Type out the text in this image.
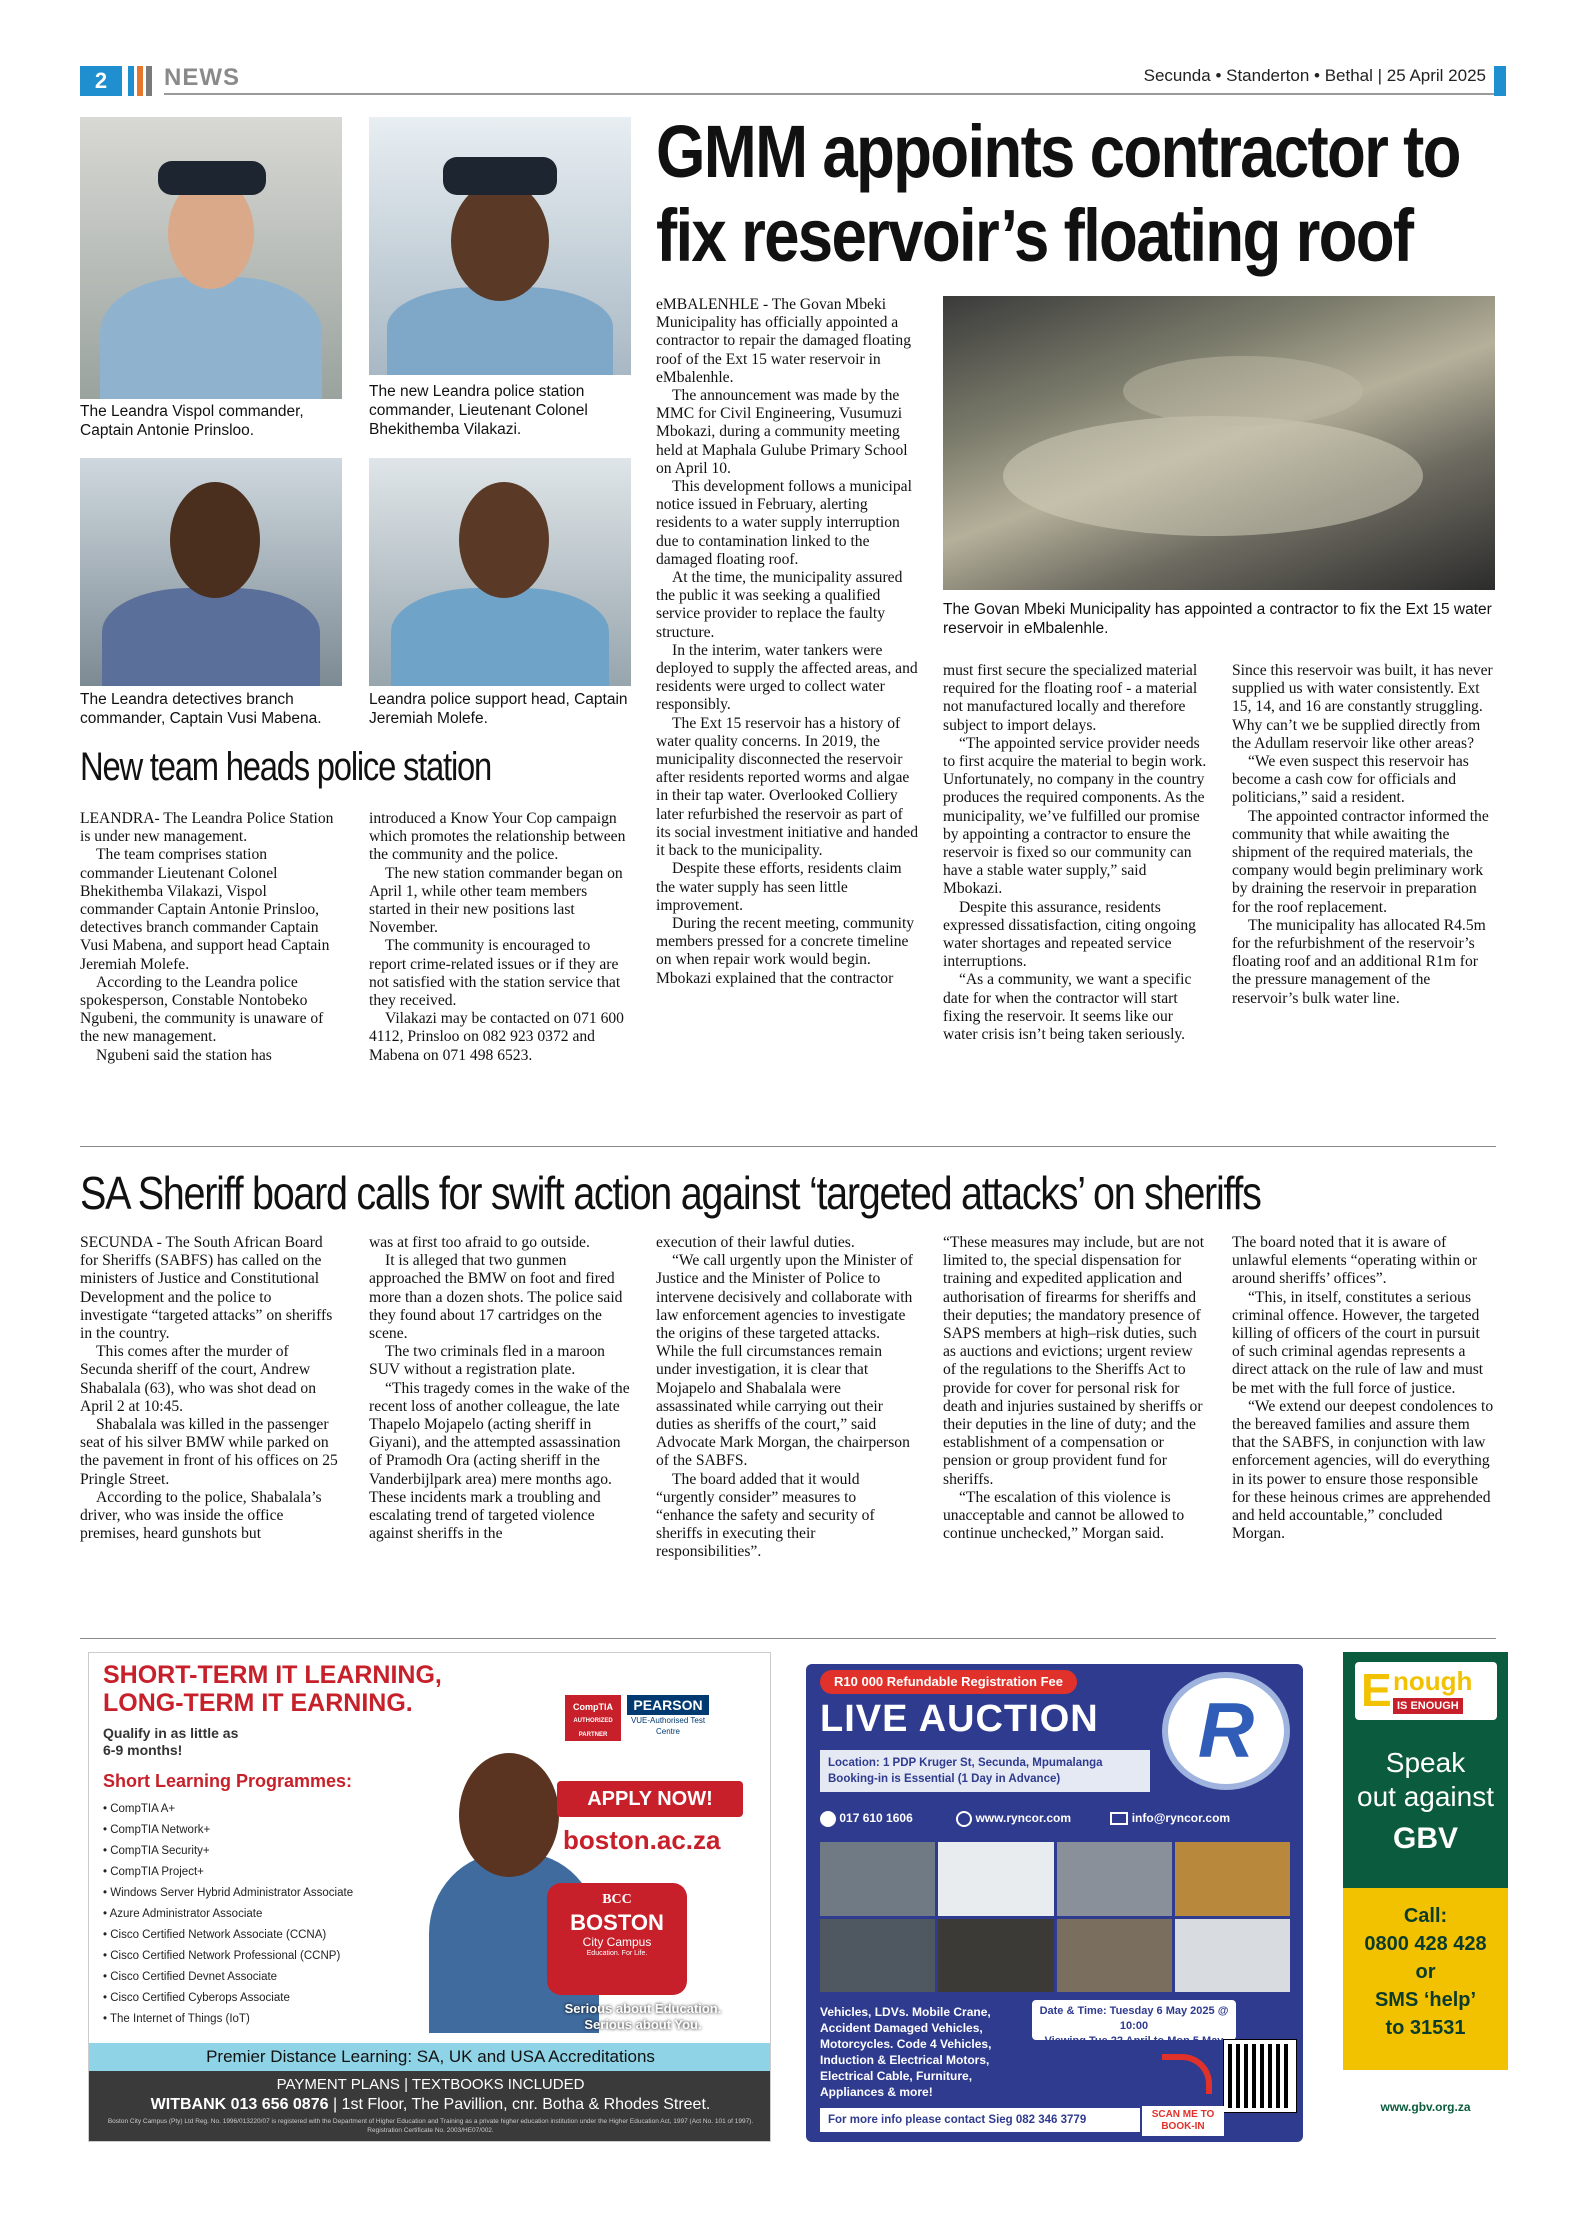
2	NEWS	Secunda • Standerton • Bethal | 25 April 2025
The Leandra Vispol commander, Captain Antonie Prinsloo.
The new Leandra police station commander, Lieutenant Colonel Bhekithemba Vilakazi.
The Leandra detectives branch commander, Captain Vusi Mabena.
Leandra police support head, Captain Jeremiah Molefe.
GMM appoints contractor to
fix reservoir’s floating roof

eMBALENHLE - The Govan Mbeki Municipality has officially appointed a contractor to repair the damaged floating roof of the Ext 15 water reservoir in eMbalenhle.

The announcement was made by the MMC for Civil Engineering, Vusumuzi Mbokazi, during a community meeting held at Maphala Gulube Primary School on April 10.

This development follows a municipal notice issued in February, alerting residents to a water supply interruption due to contamination linked to the damaged floating roof.

At the time, the municipality assured the public it was seeking a qualified service provider to replace the faulty structure.

In the interim, water tankers were deployed to supply the affected areas, and residents were urged to collect water responsibly.

The Ext 15 reservoir has a history of water quality concerns. In 2019, the municipality disconnected the reservoir after residents reported worms and algae in their tap water. Overlooked Colliery later refurbished the reservoir as part of its social investment initiative and handed it back to the municipality.

Despite these efforts, residents claim the water supply has seen little improvement.

During the recent meeting, community members pressed for a concrete timeline on when repair work would begin. Mbokazi explained that the contractor

The Govan Mbeki Municipality has appointed a contractor to fix the Ext 15 water reservoir in eMbalenhle.

must first secure the specialized material required for the floating roof - a material not manufactured locally and therefore subject to import delays.

“The appointed service provider needs to first acquire the material to begin work. Unfortunately, no company in the country produces the required components. As the municipality, we’ve fulfilled our promise by appointing a contractor to ensure the reservoir is fixed so our community can have a stable water supply,” said Mbokazi.

Despite this assurance, residents expressed dissatisfaction, citing ongoing water shortages and repeated service interruptions.

“As a community, we want a specific date for when the contractor will start fixing the reservoir. It seems like our water crisis isn’t being taken seriously.

Since this reservoir was built, it has never supplied us with water consistently. Ext 15, 14, and 16 are constantly struggling. Why can’t we be supplied directly from the Adullam reservoir like other areas?

“We even suspect this reservoir has become a cash cow for officials and politicians,” said a resident.

The appointed contractor informed the community that while awaiting the shipment of the required materials, the company would begin preliminary work by draining the reservoir in preparation for the roof replacement.

The municipality has allocated R4.5m for the refurbishment of the reservoir’s floating roof and an additional R1m for the pressure management of the reservoir’s bulk water line.

New team heads police station

LEANDRA- The Leandra Police Station is under new management.

The team comprises station commander Lieutenant Colonel Bhekithemba Vilakazi, Vispol commander Captain Antonie Prinsloo, detectives branch commander Captain Vusi Mabena, and support head Captain Jeremiah Molefe.

According to the Leandra police spokesperson, Constable Nontobeko Ngubeni, the community is unaware of the new management.

Ngubeni said the station has

introduced a Know Your Cop campaign which promotes the relationship between the community and the police.

The new station commander began on April 1, while other team members started in their new positions last November.

The community is encouraged to report crime-related issues or if they are not satisfied with the station service that they received.

Vilakazi may be contacted on 071 600 4112, Prinsloo on 082 923 0372 and Mabena on 071 498 6523.

SA Sheriff board calls for swift action against ‘targeted attacks’ on sheriffs

SECUNDA - The South African Board for Sheriffs (SABFS) has called on the ministers of Justice and Constitutional Development and the police to investigate “targeted attacks” on sheriffs in the country.

This comes after the murder of Secunda sheriff of the court, Andrew Shabalala (63), who was shot dead on April 2 at 10:45.

Shabalala was killed in the passenger seat of his silver BMW while parked on the pavement in front of his offices on 25 Pringle Street.

According to the police, Shabalala’s driver, who was inside the office premises, heard gunshots but

was at first too afraid to go outside.

It is alleged that two gunmen approached the BMW on foot and fired more than a dozen shots. The police said they found about 17 cartridges on the scene.

The two criminals fled in a maroon SUV without a registration plate.

“This tragedy comes in the wake of the recent loss of another colleague, the late Thapelo Mojapelo (acting sheriff in Giyani), and the attempted assassination of Pramodh Ora (acting sheriff in the Vanderbijlpark area) mere months ago. These incidents mark a troubling and escalating trend of targeted violence against sheriffs in the

execution of their lawful duties.

“We call urgently upon the Minister of Justice and the Minister of Police to intervene decisively and collaborate with law enforcement agencies to investigate the origins of these targeted attacks. While the full circumstances remain under investigation, it is clear that Mojapelo and Shabalala were assassinated while carrying out their duties as sheriffs of the court,” said Advocate Mark Morgan, the chairperson of the SABFS.

The board added that it would “urgently consider” measures to “enhance the safety and security of sheriffs in executing their responsibilities”.

“These measures may include, but are not limited to, the special dispensation for training and expedited application and authorisation of firearms for sheriffs and their deputies; the mandatory presence of SAPS members at high–risk duties, such as auctions and evictions; urgent review of the regulations to the Sheriffs Act to provide for cover for personal risk for death and injuries sustained by sheriffs or their deputies in the line of duty; and the establishment of a compensation or pension or group provident fund for sheriffs.

“The escalation of this violence is unacceptable and cannot be allowed to continue unchecked,” Morgan said.

The board noted that it is aware of unlawful elements “operating within or around sheriffs’ offices”.

“This, in itself, constitutes a serious criminal offence. However, the targeted killing of officers of the court in pursuit of such criminal agendas represents a direct attack on the rule of law and must be met with the full force of justice.

“We extend our deepest condolences to the bereaved families and assure them that the SABFS, in conjunction with law enforcement agencies, will do everything in its power to ensure those responsible for these heinous crimes are apprehended and held accountable,” concluded Morgan.

SHORT-TERM IT LEARNING,
LONG-TERM IT EARNING.
Qualify in as little as
6-9 months!
Short Learning Programmes:
• CompTIA A+
• CompTIA Network+
• CompTIA Security+
• CompTIA Project+
• Windows Server Hybrid Administrator Associate
• Azure Administrator Associate
• Cisco Certified Network Associate (CCNA)
• Cisco Certified Network Professional (CCNP)
• Cisco Certified Devnet Associate
• Cisco Certified Cyberops Associate
• The Internet of Things (IoT)
CompTIA
AUTHORIZED PARTNER
PEARSON
VUE-Authorised Test Centre
APPLY NOW!
boston.ac.za
BCC
BOSTON
City Campus
Education. For Life.
Serious about Education.
Serious about You.
Premier Distance Learning: SA, UK and USA Accreditations
PAYMENT PLANS | TEXTBOOKS INCLUDED
WITBANK 013 656 0876 | 1st Floor, The Pavillion, cnr. Botha & Rhodes Street.
Boston City Campus (Pty) Ltd Reg. No. 1996/013220/07 is registered with the Department of Higher Education and Training as a private higher education institution under the Higher Education Act, 1997 (Act No. 101 of 1997). Registration Certificate No. 2003/HE07/002.
R10 000 Refundable Registration Fee
LIVE AUCTION	R
Location: 1 PDP Kruger St, Secunda, Mpumalanga
Booking-in is Essential (1 Day in Advance)
017 610 1606	www.ryncor.com	info@ryncor.com
Vehicles, LDVs. Mobile Crane, Accident Damaged Vehicles, Motorcycles. Code 4 Vehicles, Induction & Electrical Motors, Electrical Cable, Furniture, Appliances & more!
Date & Time: Tuesday 6 May 2025 @ 10:00
Viewing Tue 22 April to Mon 5 May 2025
For more info please contact Sieg 082 346 3779	SCAN ME TO BOOK-IN
E nough
IS ENOUGH
Speak
out against
GBV
Call:
0800 428 428
or
SMS ‘help’
to 31531
www.gbv.org.za
